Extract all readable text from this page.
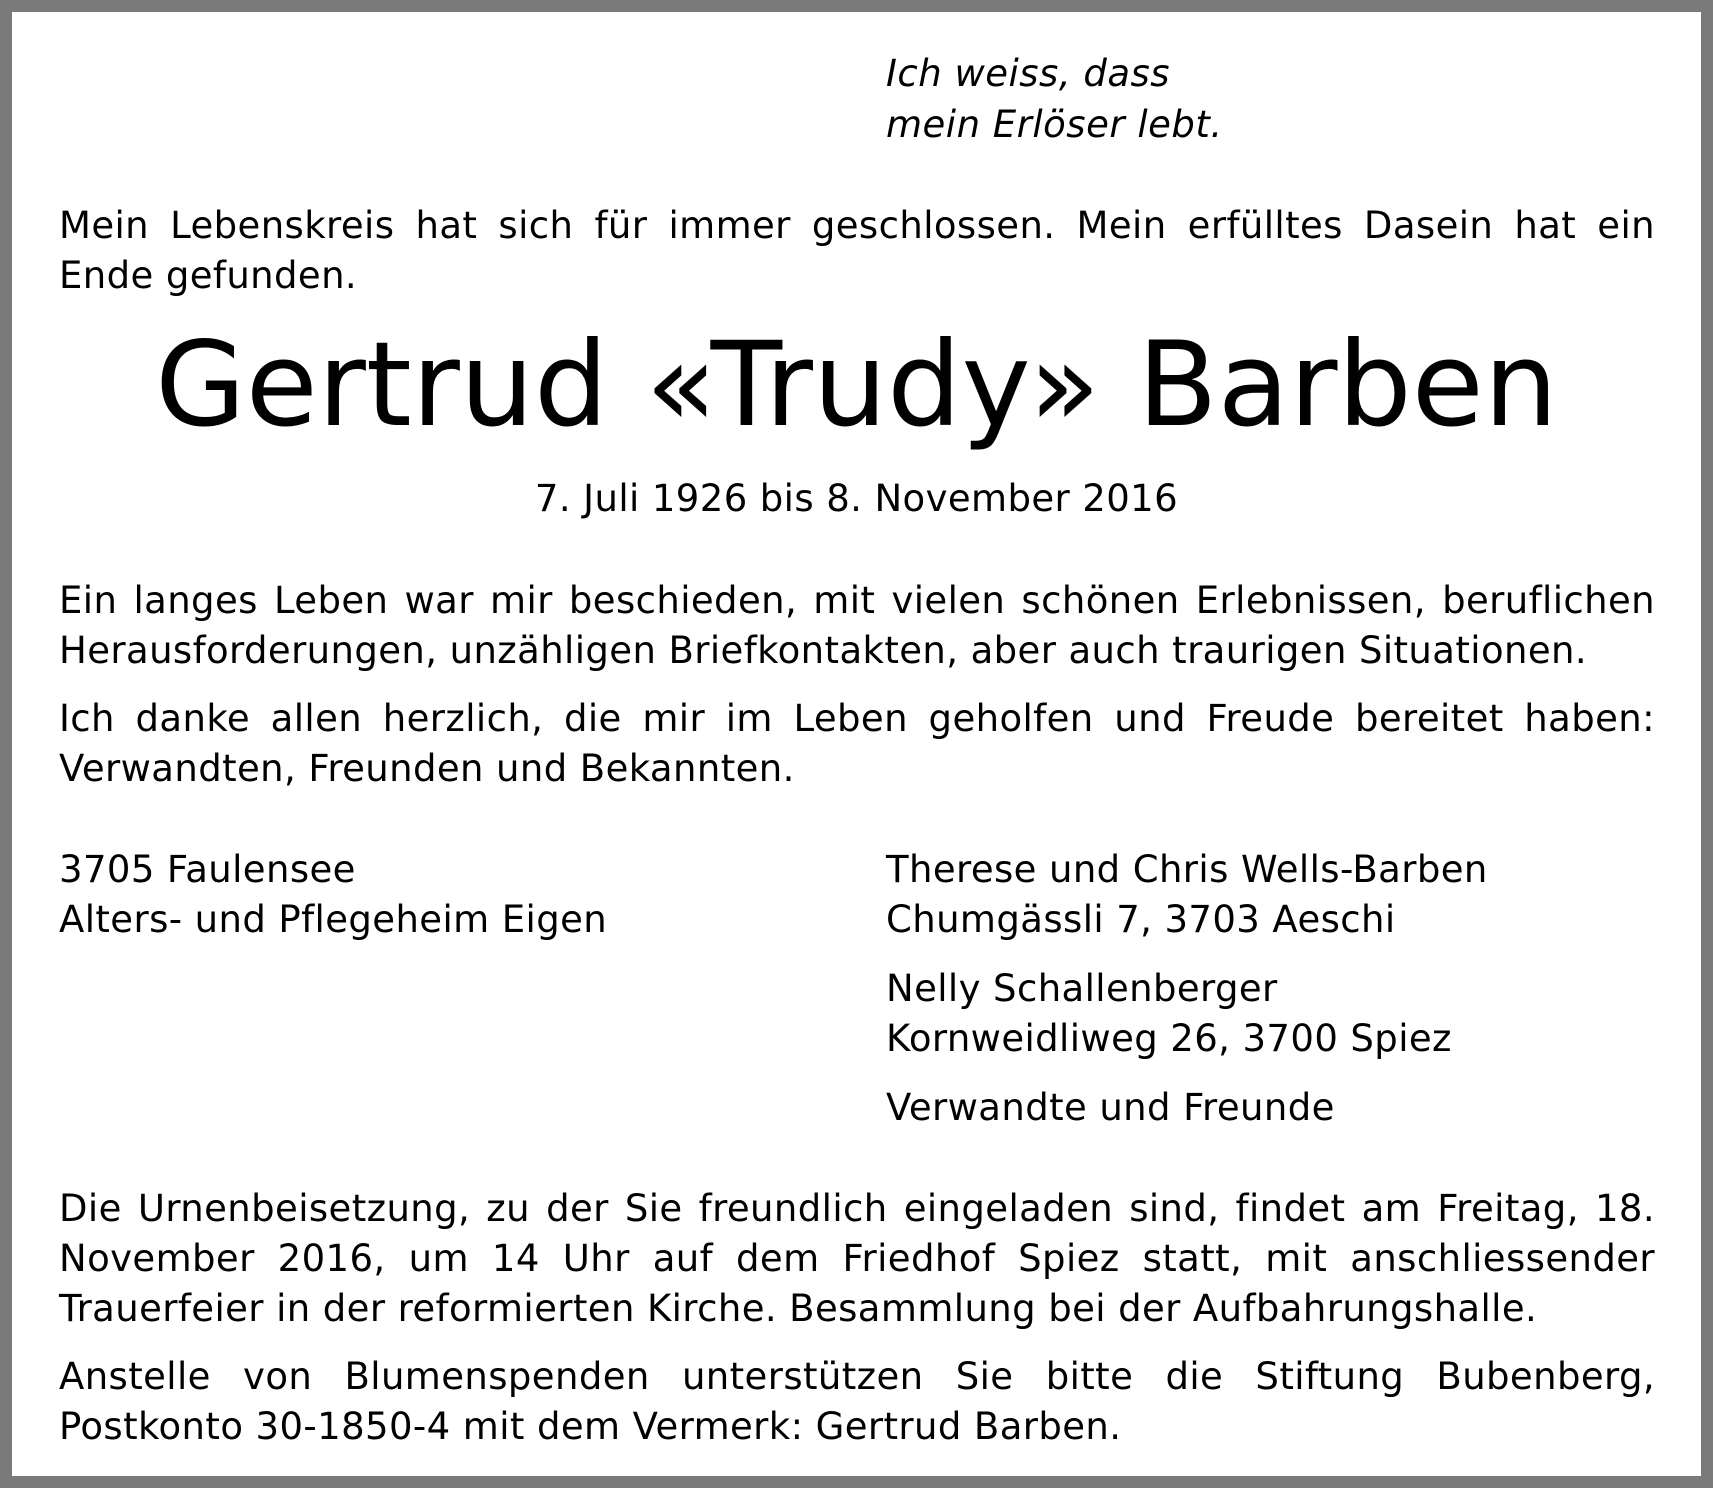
Ich weiss, dass
mein Erlöser lebt.
Mein Lebenskreis hat sich für immer geschlossen. Mein erfülltes Dasein hat ein Ende gefunden.
Gertrud «Trudy» Barben
7. Juli 1926 bis 8. November 2016
Ein langes Leben war mir beschieden, mit vielen schönen Erlebnissen, beruflichen Herausforderungen, unzähligen Briefkontakten, aber auch traurigen Situationen.
Ich danke allen herzlich, die mir im Leben geholfen und Freude bereitet haben: Verwandten, Freunden und Bekannten.
3705 Faulensee
Alters- und Pflegeheim Eigen
Therese und Chris Wells-Barben
Chumgässli 7, 3703 Aeschi
Nelly Schallenberger
Kornweidliweg 26, 3700 Spiez
Verwandte und Freunde
Die Urnenbeisetzung, zu der Sie freundlich eingeladen sind, findet am Freitag, 18. November 2016, um 14 Uhr auf dem Friedhof Spiez statt, mit anschliessender Trauerfeier in der reformierten Kirche. Besammlung bei der Aufbahrungshalle.
Anstelle von Blumenspenden unterstützen Sie bitte die Stiftung Bubenberg, Postkonto 30-1850-4 mit dem Vermerk: Gertrud Barben.
